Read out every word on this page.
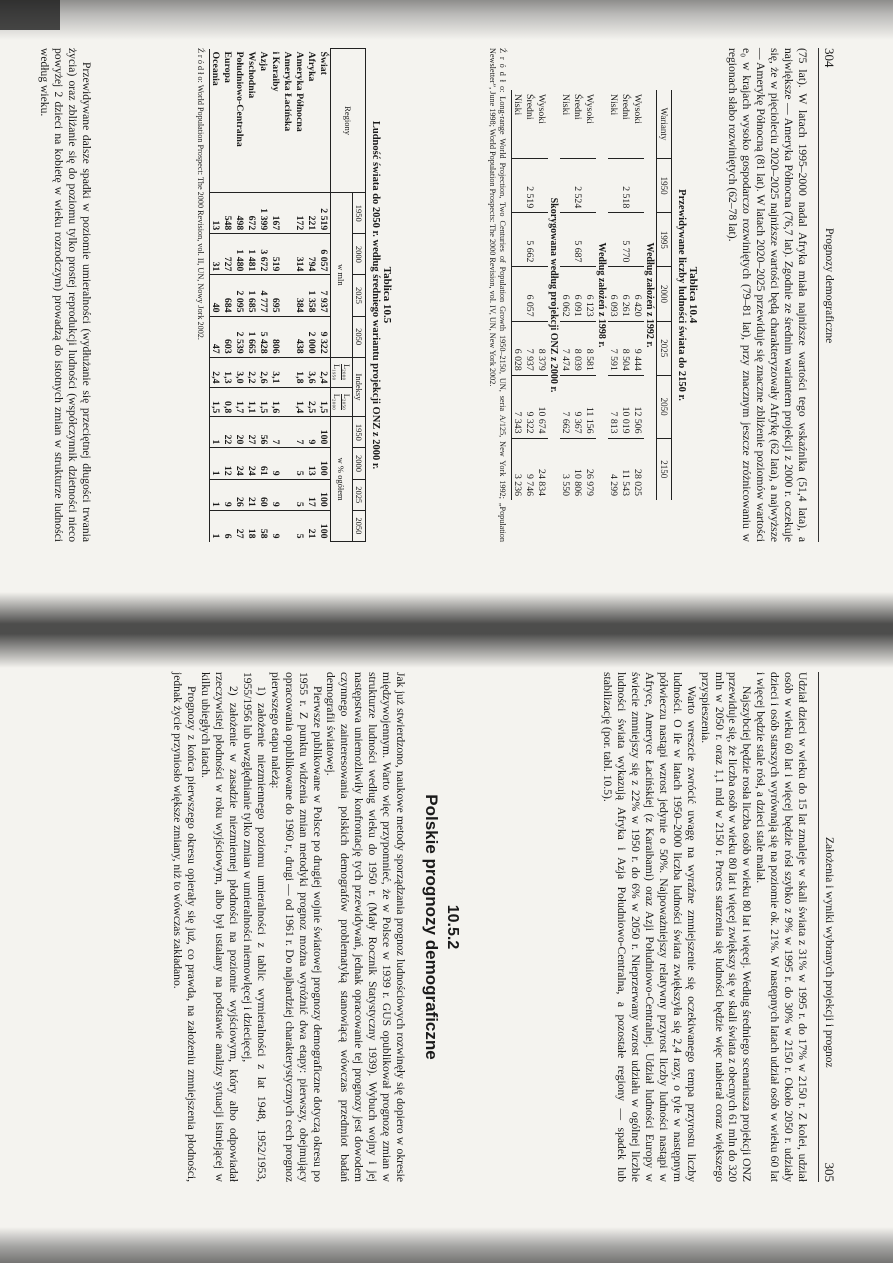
304
Prognozy demograficzne

(75 lat). W latach 1995–2000 nadal Afryka miała najniższe wartości tego wskaźnika (51,4 lata), a największe — Ameryka Północna (76,7 lat). Zgodnie ze średnim wariantem projekcji z 2000 r. oczekuje się, że w pięcioleciu 2020–2025 najniższe wartości będą charakteryzowały Afrykę (62 lata), a najwyższe — Amerykę Północną (81 lat). W latach 2020–2025 przewiduje się znaczne zbliżenie poziomów wartości e₀ w krajach wysoko gospodarczo rozwiniętych (79–81 lat), przy znacznym jeszcze zróżnicowaniu w regionach słabo rozwiniętych (62–78 lat).

Tablica 10.4
Przewidywane liczby ludności świata do 2150 r.
Warianty	1950	1995	2000	2025	2050	2150
Według założeń z 1992 r.						
Wysoki			6 420	9 444	12 506	28 025
Średni	2 518	5 770	6 261	8 504	10 019	11 543
Niski			6 093	7 591	7 813	4 299
Według założeń z 1998 r.						
Wysoki			6 123	8 581	11 156	26 979
Średni	2 524	5 687	6 091	8 039	9 367	10 806
Niski			6 062	7 474	7 662	3 550
Skorygowana według projekcji ONZ z 2000 r.						
Wysoki				8 379	10 674	24 834
Średni	2 519	5 662	6 057	7 937	9 322	9 746
Niski				6 028	7 343	3 236
Ź r ó d ł o: Long-range World Projection, Two Centuries of Population Growth 1950–2150, UN, seria A/125, New York 1992; „Population Newsletter”, June 1998; World Population Prospects: The 2000 Revision, vol. IV, UN, New York 2002.
Tablica 10.5
Ludność świata do 2050 r. według średniego wariantu projekcji ONZ z 2000 r.
Regiony	1950	2000	2025	2050	Indeksy		1950	2000	2025	2050
	w mln				L₂₀₀₀
L₁₉₅₀	L₂₀₅₀
L₂₀₀₀	w % ogółem			
Świat	2 519	6 057	7 937	9 322	2,4	1,5	100	100	100	100
Afryka	221	794	1 358	2 000	3,6	2,5	9	13	17	21
Ameryka Północna	172	314	384	438	1,8	1,4	7	5	5	5
Ameryka Łacińska										
i Karaiby	167	519	695	806	3,1	1,6	7	9	9	9
Azja	1 399	3 672	4 777	5 428	2,6	1,5	56	61	60	58
Wschodnia	672	1 481	1 685	1 665	2,2	1,1	27	24	21	18
Południowo-Centralna	498	1 480	2 095	2 539	3,0	1,7	20	24	26	27
Europa	548	727	684	603	1,3	0,8	22	12	9	6
Oceania	13	31	40	47	2,4	1,5	1	1	1	1
Ź r ó d ł o: World Population Prospect: The 2000 Revision, vol. II, UN, Nowy Jork 2002.

Przewidywane dalsze spadki w poziomie umieralności (wydłużanie się przeciętnej długości trwania życia) oraz zbliżanie się do poziomu tylko prostej reprodukcji ludności (współczynnik dzietności nieco powyżej 2 dzieci na kobietę w wieku rozrodczym) prowadzą do istotnych zmian w strukturze ludności według wieku.

Założenia i wyniki wybranych projekcji i prognoz
305

Udział dzieci w wieku do 15 lat zmaleje w skali świata z 31% w 1995 r. do 17% w 2150 r. Z kolei, udział osób w wieku 60 lat i więcej będzie rósł szybko z 9% w 1995 r. do 30% w 2150 r. Około 2050 r. udziały dzieci i osób starszych wyrównają się na poziomie ok. 21%. W następnych latach udział osób w wieku 60 lat i więcej będzie stale rósł, a dzieci stale malał.

Najszybciej będzie rosła liczba osób w wieku 80 lat i więcej. Według średniego scenariusza projekcji ONZ przewiduje się, że liczba osób w wieku 80 lat i więcej zwiększy się w skali świata z obecnych 61 mln do 320 mln w 2050 r. oraz 1,1 mld w 2150 r. Proces starzenia się ludności będzie więc nabierał coraz większego przyspieszenia.

Warto wreszcie zwrócić uwagę na wyraźne zmniejszenie się oczekiwanego tempa przyrostu liczby ludności. O ile w latach 1950–2000 liczba ludności świata zwiększyła się 2,4 razy, o tyle w następnym półwieczu nastąpi wzrost jedynie o 50%. Najpoważniejszy relatywny przyrost liczby ludności nastąpi w Afryce, Ameryce Łacińskiej (z Karaibami) oraz Azji Południowo-Centralnej. Udział ludności Europy w świecie zmniejszy się z 22% w 1950 r. do 6% w 2050 r. Nieprzerwany wzrost udziału w ogólnej liczbie ludności świata wykazują Afryka i Azja Południowo-Centralna, a pozostałe regiony — spadek lub stabilizację (por. tabl. 10.5).

10.5.2
Polskie prognozy demograficzne

Jak już stwierdzono, naukowe metody sporządzania prognoz ludnościowych rozwinęły się dopiero w okresie międzywojennym. Warto więc przypomnieć, że w Polsce w 1939 r. GUS opublikował prognozę zmian w strukturze ludności według wieku do 1950 r. (Mały Rocznik Statystyczny 1939). Wybuch wojny i jej następstwa uniemożliwiły konfrontację tych przewidywań, jednak opracowanie tej prognozy jest dowodem czynnego zainteresowania polskich demografów problematyką stanowiącą wówczas przedmiot badań demografii światowej.

Pierwsze publikowane w Polsce po drugiej wojnie światowej prognozy demograficzne dotyczą okresu po 1955 r. Z punktu widzenia zmian metodyki prognoz można wyróżnić dwa etapy: pierwszy, obejmujący opracowania opublikowane do 1960 r., drugi — od 1961 r. Do najbardziej charakterystycznych cech prognoz pierwszego etapu należą:

1) założenie niezmiennego poziomu umieralności z tablic wymieralności z lat 1948, 1952/1953, 1955/1956 lub uwzględnianie tylko zmian w umieralności niemowlęcej i dziecięcej,

2) założenie w zasadzie niezmiennej płodności na poziomie wyjściowym, który albo odpowiadał rzeczywistej płodności w roku wyjściowym, albo był ustalany na podstawie analizy sytuacji istniejącej w kilku ubiegłych latach.

Prognozy z końca pierwszego okresu opierały się już, co prawda, na założeniu zmniejszenia płodności, jednak życie przyniosło większe zmiany, niż to wówczas zakładano.
